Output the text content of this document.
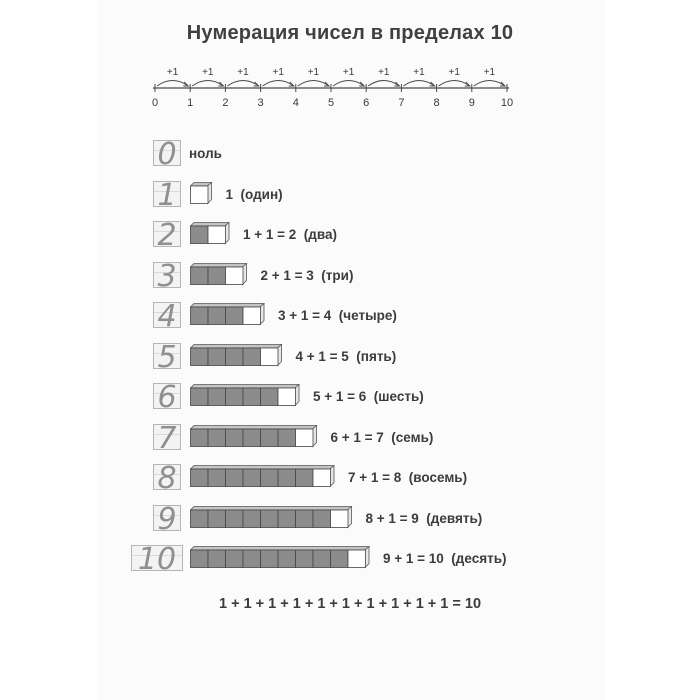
Нумерация чисел в пределах 10
0
+1
1
+1
2
+1
3
+1
4
+1
5
+1
6
+1
7
+1
8
+1
9
+1
10
0 ноль
1	1  (один)
2	1 + 1 = 2  (два)
3	2 + 1 = 3  (три)
4	3 + 1 = 4  (четыре)
5	4 + 1 = 5  (пять)
6	5 + 1 = 6  (шесть)
7	6 + 1 = 7  (семь)
8	7 + 1 = 8  (восемь)
9	8 + 1 = 9  (девять)
10	9 + 1 = 10  (десять)
1 + 1 + 1 + 1 + 1 + 1 + 1 + 1 + 1 + 1 = 10
